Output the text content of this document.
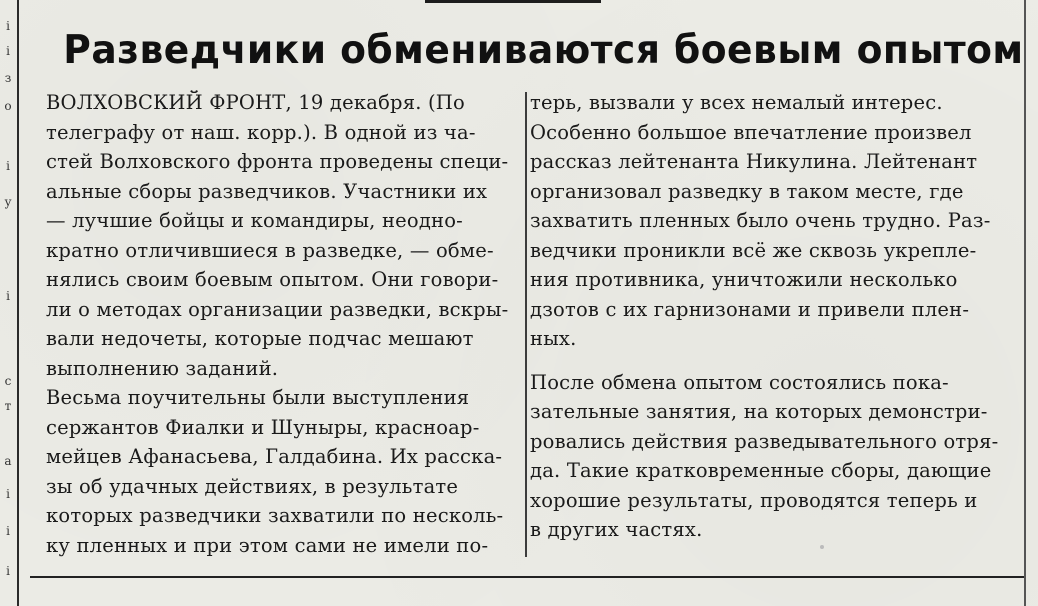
і
і
з
о
і
у
і
с
т
а
і
і
і
Разведчики обмениваются боевым опытом
ВОЛХОВСКИЙ ФРОНТ, 19 декабря. (По
телеграфу от наш. корр.). В одной из ча-
стей Волховского фронта проведены специ-
альные сборы разведчиков. Участники их
— лучшие бойцы и командиры, неодно-
кратно отличившиеся в разведке, — обме-
нялись своим боевым опытом. Они говори-
ли о методах организации разведки, вскры-
вали недочеты, которые подчас мешают
выполнению заданий.
Весьма поучительны были выступления
сержантов Фиалки и Шуныры, красноар-
мейцев Афанасьева, Галдабина. Их расска-
зы об удачных действиях, в результате
которых разведчики захватили по несколь-
ку пленных и при этом сами не имели по-
терь, вызвали у всех немалый интерес.
Особенно большое впечатление произвел
рассказ лейтенанта Никулина. Лейтенант
организовал разведку в таком месте, где
захватить пленных было очень трудно. Раз-
ведчики проникли всё же сквозь укрепле-
ния противника, уничтожили несколько
дзотов с их гарнизонами и привели плен-
ных.
После обмена опытом состоялись пока-
зательные занятия, на которых демонстри-
ровались действия разведывательного отря-
да. Такие кратковременные сборы, дающие
хорошие результаты, проводятся теперь и
в других частях.
